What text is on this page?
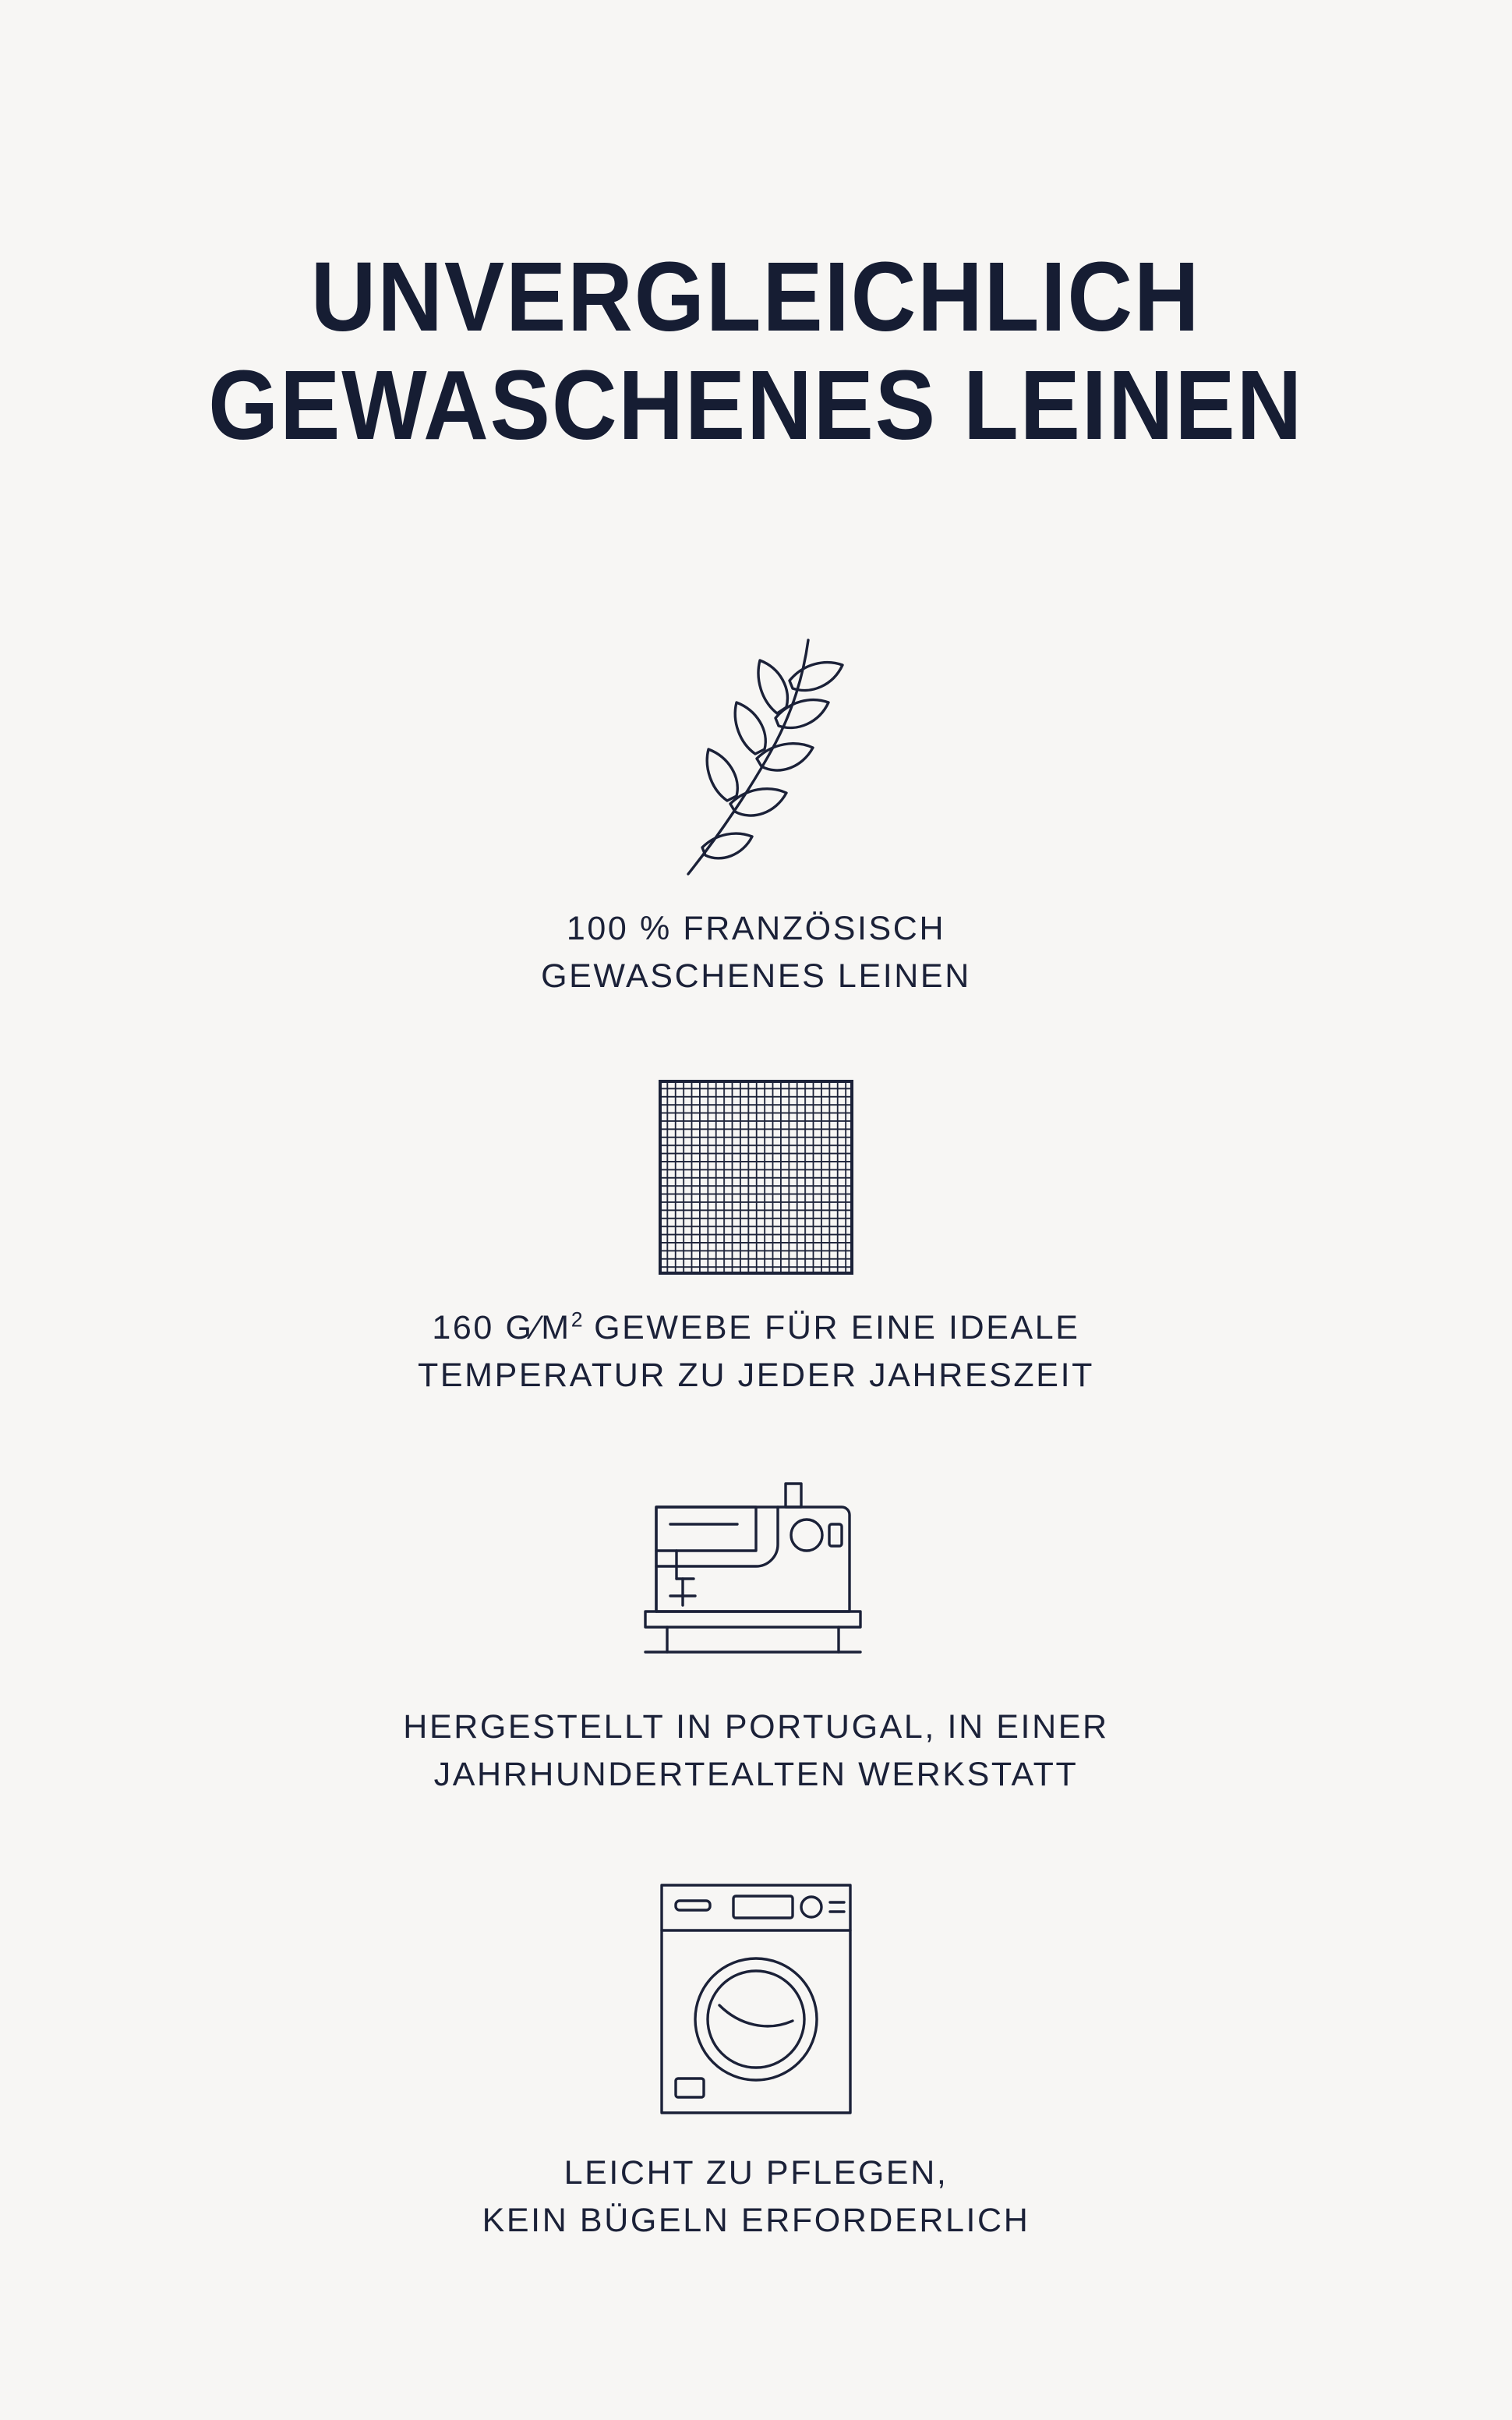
UNVERGLEICHLICH
GEWASCHENES LEINEN
100 % FRANZÖSISCH
GEWASCHENES LEINEN
160 $G⁄M^2$ GEWEBE FÜR EINE IDEALE
TEMPERATUR ZU JEDER JAHRESZEIT
HERGESTELLT IN PORTUGAL, IN EINER
JAHRHUNDERTEALTEN WERKSTATT
LEICHT ZU PFLEGEN,
KEIN BÜGELN ERFORDERLICH
